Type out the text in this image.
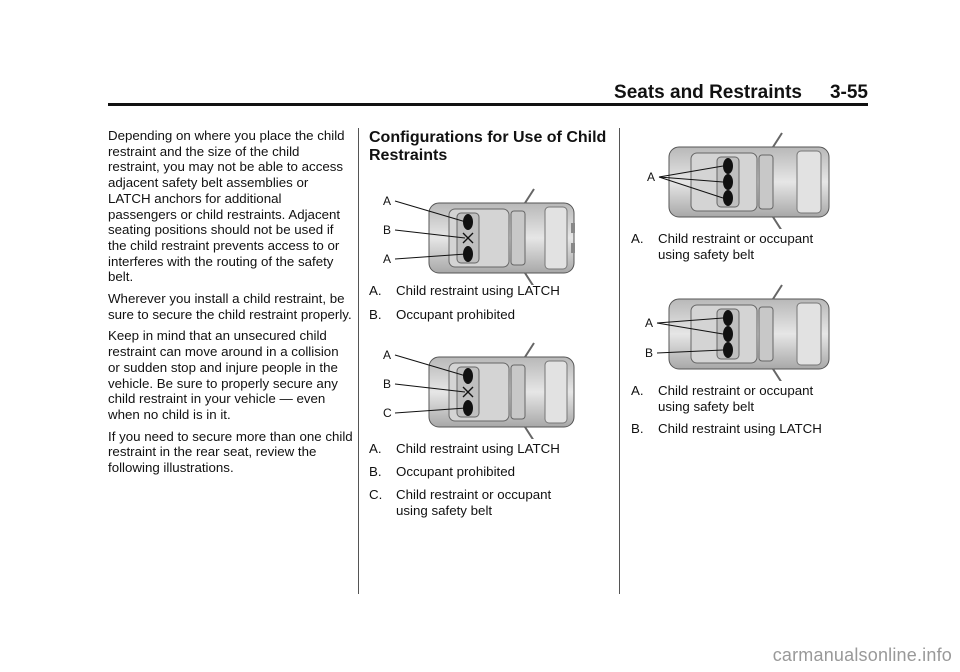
Seats and Restraints 3-55

Depending on where you place the child restraint and the size of the child restraint, you may not be able to access adjacent safety belt assemblies or LATCH anchors for additional passengers or child restraints. Adjacent seating positions should not be used if the child restraint prevents access to or interferes with the routing of the safety belt.

Wherever you install a child restraint, be sure to secure the child restraint properly.

Keep in mind that an unsecured child restraint can move around in a collision or sudden stop and injure people in the vehicle. Be sure to properly secure any child restraint in your vehicle — even when no child is in it.

If you need to secure more than one child restraint in the rear seat, review the following illustrations.

Configurations for Use of Child Restraints
A
B
A
A. Child restraint using LATCH
B. Occupant prohibited
A
B
C
A. Child restraint using LATCH
B. Occupant prohibited
C. Child restraint or occupant
using safety belt
A
A. Child restraint or occupant
using safety belt
A
B
A. Child restraint or occupant
using safety belt
B. Child restraint using LATCH
carmanualsonline.info
